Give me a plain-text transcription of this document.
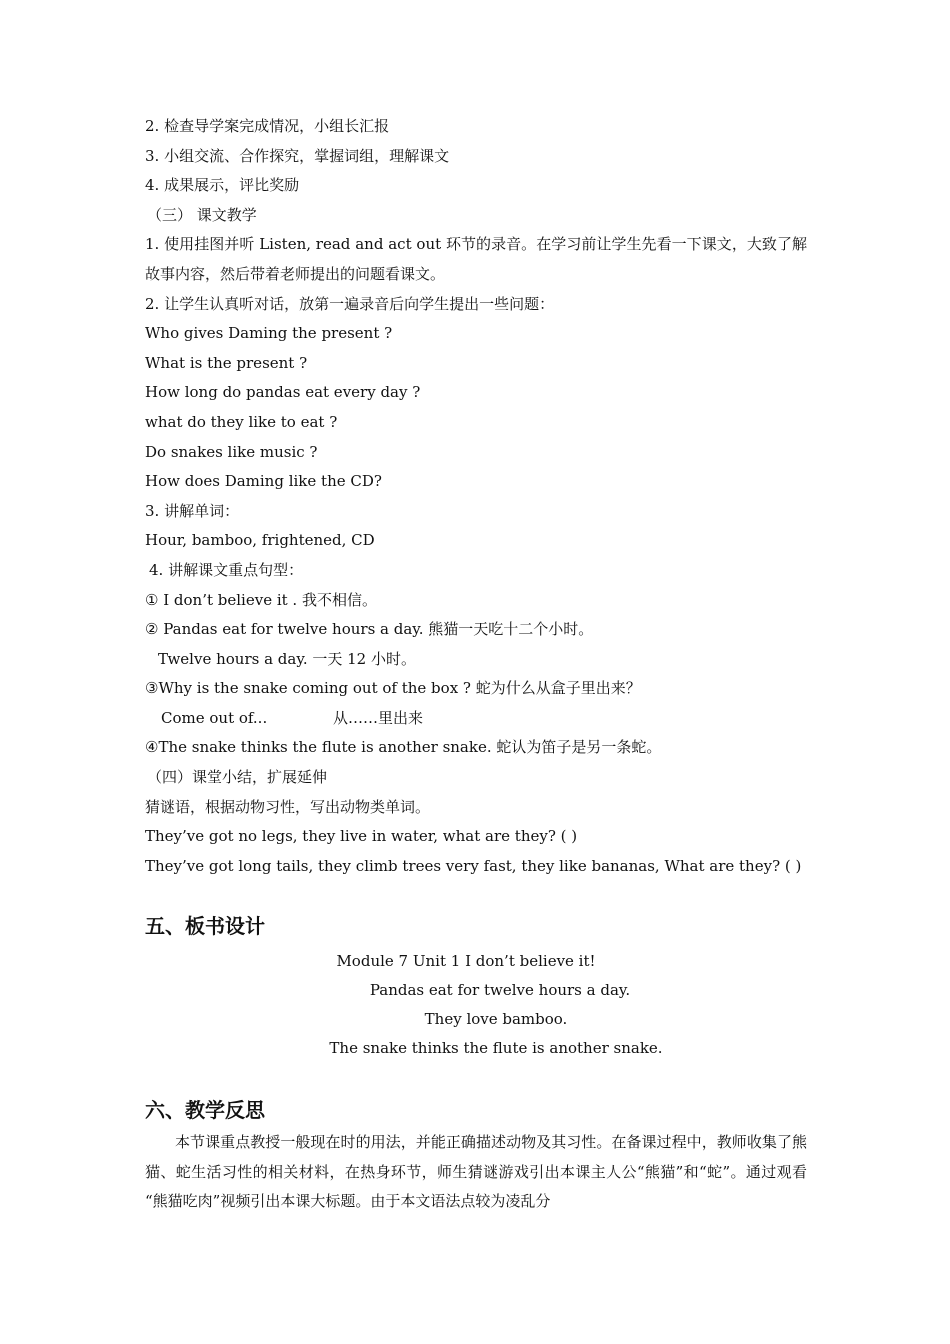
2. 检查导学案完成情况，小组长汇报
3. 小组交流、合作探究，掌握词组，理解课文
4. 成果展示，评比奖励
（三） 课文教学
1. 使用挂图并听 Listen, read and act out 环节的录音。在学习前让学生先看一下课文，大致了解故事内容，然后带着老师提出的问题看课文。
2. 让学生认真听对话，放第一遍录音后向学生提出一些问题：
Who gives Daming the present ?
What is the present ?
How long do pandas eat every day ?
what do they like to eat ?
Do snakes like music ?
How does Daming like the CD?
3. 讲解单词：
Hour, bamboo, frightened, CD
4. 讲解课文重点句型：
① I don’t believe it . 我不相信。
② Pandas eat for twelve hours a day. 熊猫一天吃十二个小时。
Twelve hours a day. 一天 12 小时。
③Why is the snake coming out of the box ? 蛇为什么从盒子里出来？
Come out of...	从……里出来
④The snake thinks the flute is another snake. 蛇认为笛子是另一条蛇。
（四）课堂小结，扩展延伸
猜谜语，根据动物习性，写出动物类单词。
They’ve got no legs, they live in water, what are they? ( )
They’ve got long tails, they climb trees very fast, they like bananas, What are they? ( )
五、板书设计
Module 7 Unit 1 I don’t believe it!
Pandas eat for twelve hours a day.
They love bamboo.
The snake thinks the flute is another snake.
六、教学反思
本节课重点教授一般现在时的用法，并能正确描述动物及其习性。在备课过程中，教师收集了熊猫、蛇生活习性的相关材料，在热身环节，师生猜谜游戏引出本课主人公“熊猫”和“蛇”。通过观看 “熊猫吃肉”视频引出本课大标题。由于本文语法点较为凌乱分
